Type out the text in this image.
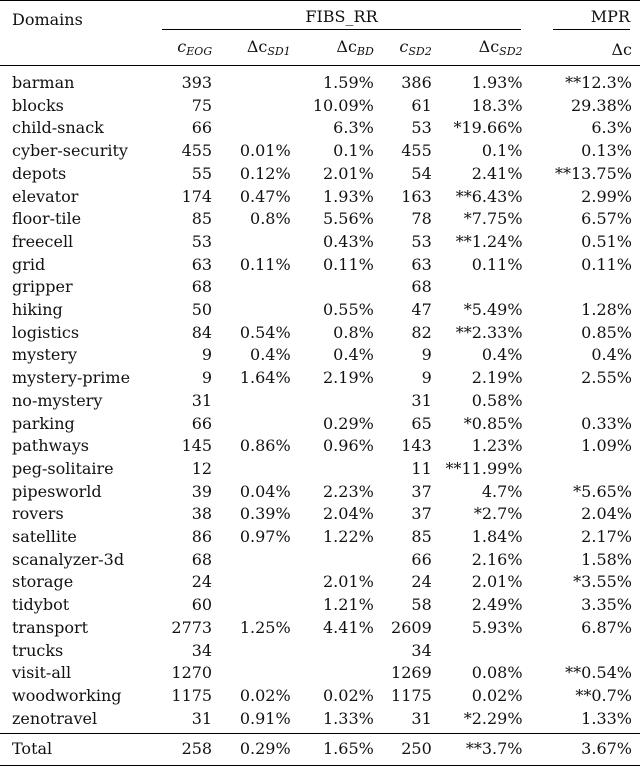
Domains	FIBS_RR					MPR

	$c_{EOG}$	$\Delta c_{SD1}$	$\Delta c_{BD}$	$c_{SD2}$	$\Delta c_{SD2}$	Δc
barman	393		1.59%	386	1.93%	**12.3%
blocks	75		10.09%	61	18.3%	29.38%
child-snack	66		6.3%	53	*19.66%	6.3%
cyber-security	455	0.01%	0.1%	455	0.1%	0.13%
depots	55	0.12%	2.01%	54	2.41%	**13.75%
elevator	174	0.47%	1.93%	163	**6.43%	2.99%
floor-tile	85	0.8%	5.56%	78	*7.75%	6.57%
freecell	53		0.43%	53	**1.24%	0.51%
grid	63	0.11%	0.11%	63	0.11%	0.11%
gripper	68			68		
hiking	50		0.55%	47	*5.49%	1.28%
logistics	84	0.54%	0.8%	82	**2.33%	0.85%
mystery	9	0.4%	0.4%	9	0.4%	0.4%
mystery-prime	9	1.64%	2.19%	9	2.19%	2.55%
no-mystery	31			31	0.58%	
parking	66		0.29%	65	*0.85%	0.33%
pathways	145	0.86%	0.96%	143	1.23%	1.09%
peg-solitaire	12			11	**11.99%	
pipesworld	39	0.04%	2.23%	37	4.7%	*5.65%
rovers	38	0.39%	2.04%	37	*2.7%	2.04%
satellite	86	0.97%	1.22%	85	1.84%	2.17%
scanalyzer-3d	68			66	2.16%	1.58%
storage	24		2.01%	24	2.01%	*3.55%
tidybot	60		1.21%	58	2.49%	3.35%
transport	2773	1.25%	4.41%	2609	5.93%	6.87%
trucks	34			34		
visit-all	1270			1269	0.08%	**0.54%
woodworking	1175	0.02%	0.02%	1175	0.02%	**0.7%
zenotravel	31	0.91%	1.33%	31	*2.29%	1.33%
Total	258	0.29%	1.65%	250	**3.7%	3.67%
